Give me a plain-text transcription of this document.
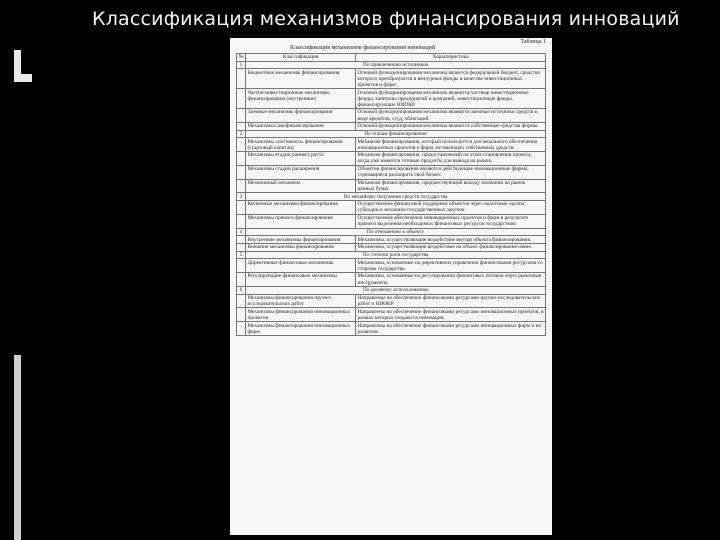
Классификация механизмов финансирования инноваций
Таблица 1
Классификация механизмов финансирования инноваций
№	Классификация	Характеристика
1	По привлечению источников	
	Бюджетные механизмы финансирования	Основой функционирования механизма является федеральный бюджет, средства которого преобразуются в венчурные фонды в качестве инвестиционных проектов и фирм.
	Частно-инвестиционные механизмы финансирования (внутренние)	Основой функционирования механизма являются частные инвестиционные фонды, капиталы предприятий и компаний, инвестиционные фонды, финансирующие НИОКР.
	Заемные механизмы финансирования	Основой функционирования механизма являются заемные источники средств в виде кредитов, ссуд, облигаций.
	Механизмы самофинансирования	Основой функционирования механизма являются собственные средства фирмы.
2	По этапам финансирования	
	Механизмы «посевного» финансирования (стартовый капитал)	Механизм финансирования, который используется для начального обеспечения инновационных проектов и фирм, не имеющих собственных средств.
	Механизмы стадии раннего роста	Механизм финансирования, предоставляемый на этапе становления проекта, когда уже имеются готовые продукты для вывода на рынок.
	Механизмы стадии расширения	Объектом финансирования являются действующие инновационные фирмы, стремящиеся расширить свой бизнес.
	Мезонинный механизм	Механизм финансирования, предшествующий выходу компании на рынок ценных бумаг.
3	По механизму получения средств государства	
	Косвенные механизмы финансирования	Осуществление финансовой поддержки объектов через налоговые льготы, субсидии и механизм государственных закупок.
	Механизмы прямого финансирования	Осуществление обеспечения инновационных проектов и фирм в результате прямого выделения необходимых финансовых ресурсов государством.
4	По отношению к объекту	
	Внутренние механизмы финансирования	Механизмы, осуществляющие воздействие внутри объекта финансирования.
	Внешние механизмы финансирования	Механизмы, осуществляющие воздействие на объект финансирования извне.
5	По степени роли государства	
	Директивные финансовые механизмы	Механизмы, основанные на директивном управлении финансовыми ресурсами со стороны государства.
	Регулирующие финансовые механизмы	Механизмы, основанные на регулировании финансовых потоков через рыночные инструменты.
6	По целевому использованию	
	Механизмы финансирования научно-исследовательских работ	Направлены на обеспечение финансовыми ресурсами научно-исследовательских работ и НИОКР.
	Механизмы финансирования инновационных проектов	Направлены на обеспечение финансовыми ресурсами инновационных проектов, в рамках которых создаются инновации.
	Механизмы финансирования инновационных фирм	Направлены на обеспечение финансовыми ресурсами инновационных фирм и их развития.
